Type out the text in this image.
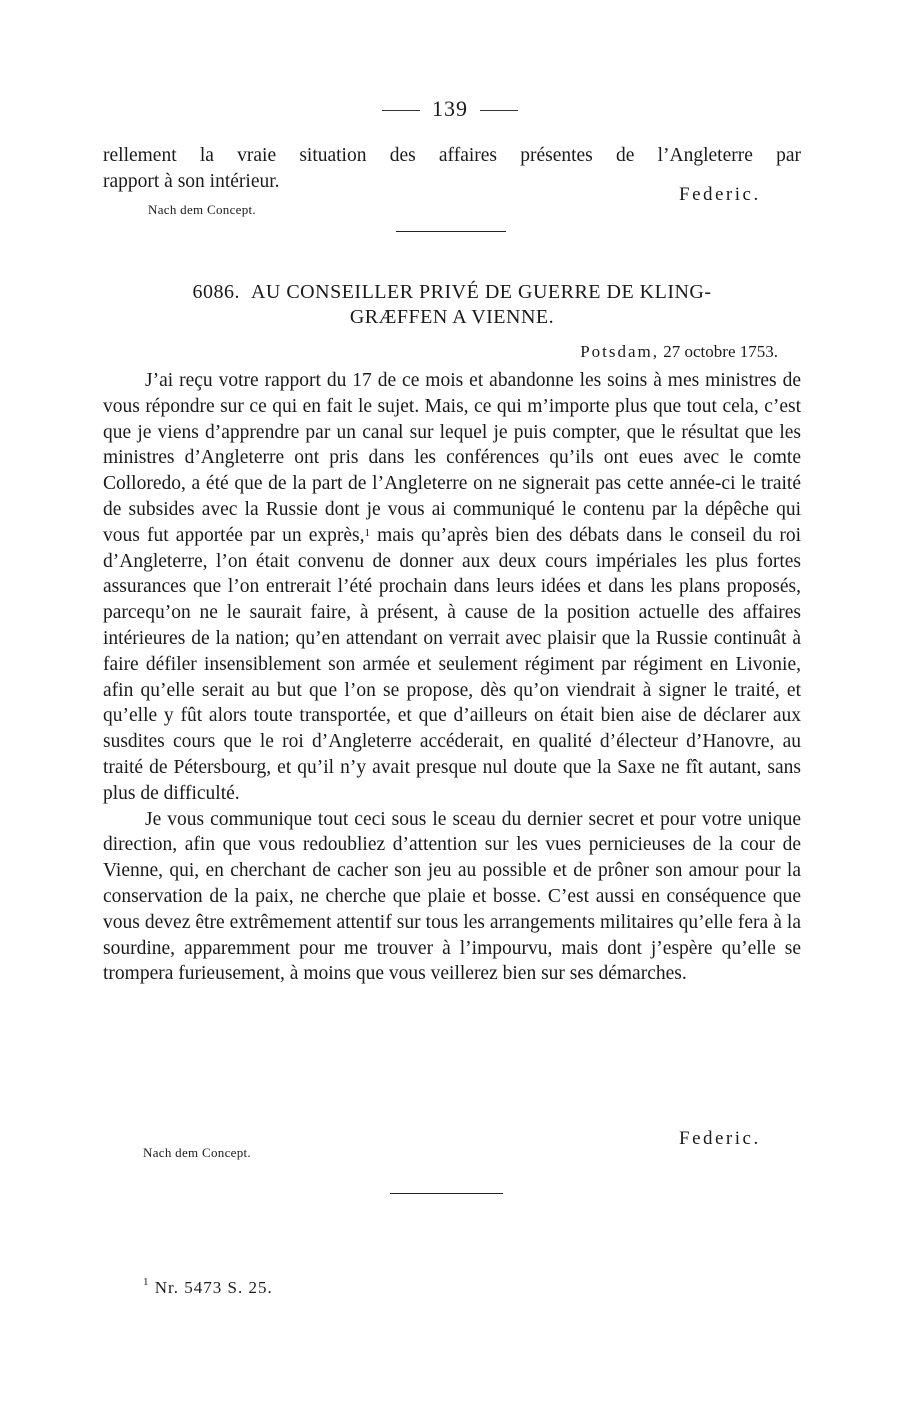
139

rellement la vraie situation des affaires présentes de l’Angleterre par

rapport à son intérieur.

Federic.
Nach dem Concept.
6086. AU CONSEILLER PRIVÉ DE GUERRE DE KLING-
GRÆFFEN A VIENNE.
Potsdam, 27 octobre 1753.

J’ai reçu votre rapport du 17 de ce mois et abandonne les soins à mes ministres de vous répondre sur ce qui en fait le sujet. Mais, ce qui m’importe plus que tout cela, c’est que je viens d’apprendre par un canal sur lequel je puis compter, que le résultat que les ministres d’Angleterre ont pris dans les conférences qu’ils ont eues avec le comte Colloredo, a été que de la part de l’Angleterre on ne signerait pas cette année-ci le traité de subsides avec la Russie dont je vous ai communiqué le contenu par la dépêche qui vous fut apportée par un exprès,$^1$ mais qu’après bien des débats dans le conseil du roi d’Angleterre, l’on était convenu de donner aux deux cours impériales les plus fortes assurances que l’on entrerait l’été prochain dans leurs idées et dans les plans proposés, parcequ’on ne le saurait faire, à présent, à cause de la position actuelle des affaires intérieures de la nation; qu’en attendant on verrait avec plaisir que la Russie continuât à faire défiler insensiblement son armée et seulement régiment par régiment en Livonie, afin qu’elle serait au but que l’on se propose, dès qu’on viendrait à signer le traité, et qu’elle y fût alors toute transportée, et que d’ailleurs on était bien aise de déclarer aux susdites cours que le roi d’Angleterre accéderait, en qualité d’électeur d’Hanovre, au traité de Pétersbourg, et qu’il n’y avait presque nul doute que la Saxe ne fît autant, sans plus de difficulté.

Je vous communique tout ceci sous le sceau du dernier secret et pour votre unique direction, afin que vous redoubliez d’attention sur les vues pernicieuses de la cour de Vienne, qui, en cherchant de cacher son jeu au possible et de prôner son amour pour la conservation de la paix, ne cherche que plaie et bosse. C’est aussi en conséquence que vous devez être extrêmement attentif sur tous les arrangements militaires qu’elle fera à la sourdine, apparemment pour me trouver à l’impourvu, mais dont j’espère qu’elle se trompera furieusement, à moins que vous veillerez bien sur ses démarches.

Federic.
Nach dem Concept.
$^1$ Nr. 5473 S. 25.
